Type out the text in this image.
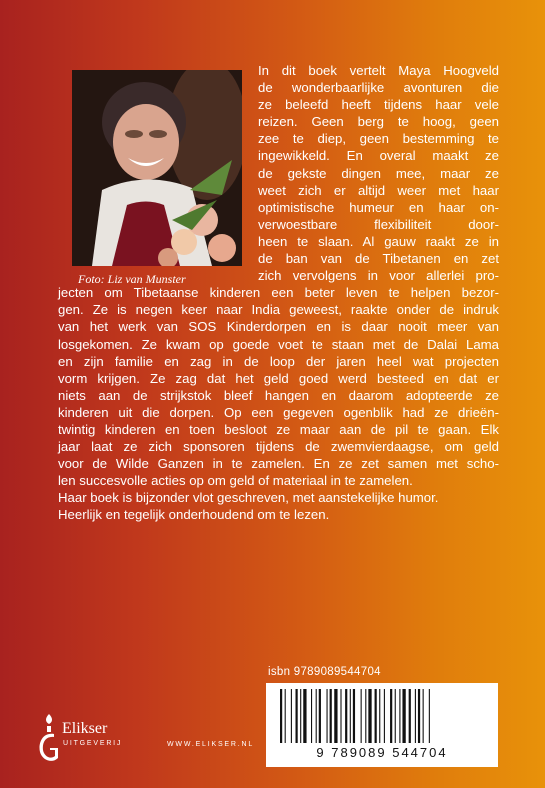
Foto: Liz van Munster
In dit boek vertelt Maya Hoogveld
de wonderbaarlijke avonturen die
ze beleefd heeft tijdens haar vele
reizen. Geen berg te hoog, geen
zee te diep, geen bestemming te
ingewikkeld. En overal maakt ze
de gekste dingen mee, maar ze
weet zich er altijd weer met haar
optimistische humeur en haar on-
verwoestbare flexibiliteit door-
heen te slaan. Al gauw raakt ze in
de ban van de Tibetanen en zet
zich vervolgens in voor allerlei pro-
jecten om Tibetaanse kinderen een beter leven te helpen bezor-
gen. Ze is negen keer naar India geweest, raakte onder de indruk
van het werk van SOS Kinderdorpen en is daar nooit meer van
losgekomen. Ze kwam op goede voet te staan met de Dalai Lama
en zijn familie en zag in de loop der jaren heel wat projecten
vorm krijgen. Ze zag dat het geld goed werd besteed en dat er
niets aan de strijkstok bleef hangen en daarom adopteerde ze
kinderen uit die dorpen. Op een gegeven ogenblik had ze drieën-
twintig kinderen en toen besloot ze maar aan de pil te gaan. Elk
jaar laat ze zich sponsoren tijdens de zwemvierdaagse, om geld
voor de Wilde Ganzen in te zamelen. En ze zet samen met scho-
len succesvolle acties op om geld of materiaal in te zamelen.
Haar boek is bijzonder vlot geschreven, met aanstekelijke humor.
Heerlijk en tegelijk onderhoudend om te lezen.
isbn 9789089544704
9 789089 544704
Elikser
UITGEVERIJ	WWW.ELIKSER.NL
